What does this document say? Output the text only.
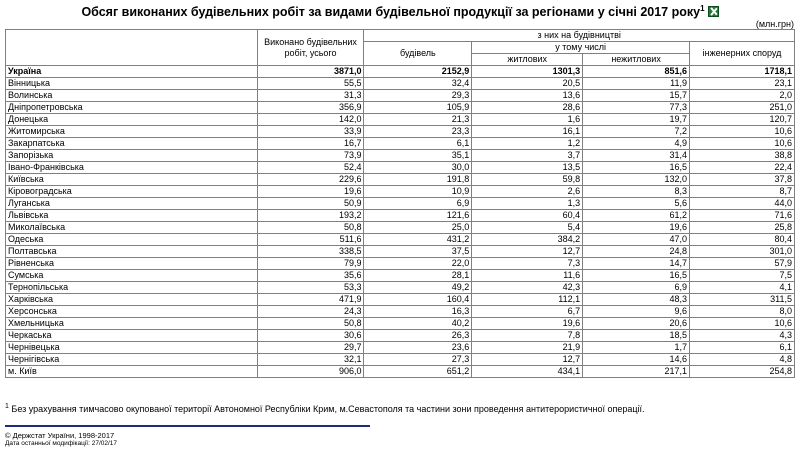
Обсяг виконаних будівельних робіт за видами будівельної продукції за регіонами у січні 2017 року$^1$
(млн.грн)
	Виконано будівельних робіт, усього	з них на будівництві			
		будівель	у тому числі		інженерних споруд
			житлових	нежитлових	
Україна	3871,0	2152,9	1301,3	851,6	1718,1
Вінницька	55,5	32,4	20,5	11,9	23,1
Волинська	31,3	29,3	13,6	15,7	2,0
Дніпропетровська	356,9	105,9	28,6	77,3	251,0
Донецька	142,0	21,3	1,6	19,7	120,7
Житомирська	33,9	23,3	16,1	7,2	10,6
Закарпатська	16,7	6,1	1,2	4,9	10,6
Запорізька	73,9	35,1	3,7	31,4	38,8
Івано-Франківська	52,4	30,0	13,5	16,5	22,4
Київська	229,6	191,8	59,8	132,0	37,8
Кіровоградська	19,6	10,9	2,6	8,3	8,7
Луганська	50,9	6,9	1,3	5,6	44,0
Львівська	193,2	121,6	60,4	61,2	71,6
Миколаївська	50,8	25,0	5,4	19,6	25,8
Одеська	511,6	431,2	384,2	47,0	80,4
Полтавська	338,5	37,5	12,7	24,8	301,0
Рівненська	79,9	22,0	7,3	14,7	57,9
Сумська	35,6	28,1	11,6	16,5	7,5
Тернопільська	53,3	49,2	42,3	6,9	4,1
Харківська	471,9	160,4	112,1	48,3	311,5
Херсонська	24,3	16,3	6,7	9,6	8,0
Хмельницька	50,8	40,2	19,6	20,6	10,6
Черкаська	30,6	26,3	7,8	18,5	4,3
Чернівецька	29,7	23,6	21,9	1,7	6,1
Чернігівська	32,1	27,3	12,7	14,6	4,8
м. Київ	906,0	651,2	434,1	217,1	254,8
$^1$ Без урахування тимчасово окупованої території Автономної Республіки Крим, м.Севастополя та частини зони проведення антитерористичної операції.
© Держстат України, 1998-2017
Дата останньої модифікації: 27/02/17
